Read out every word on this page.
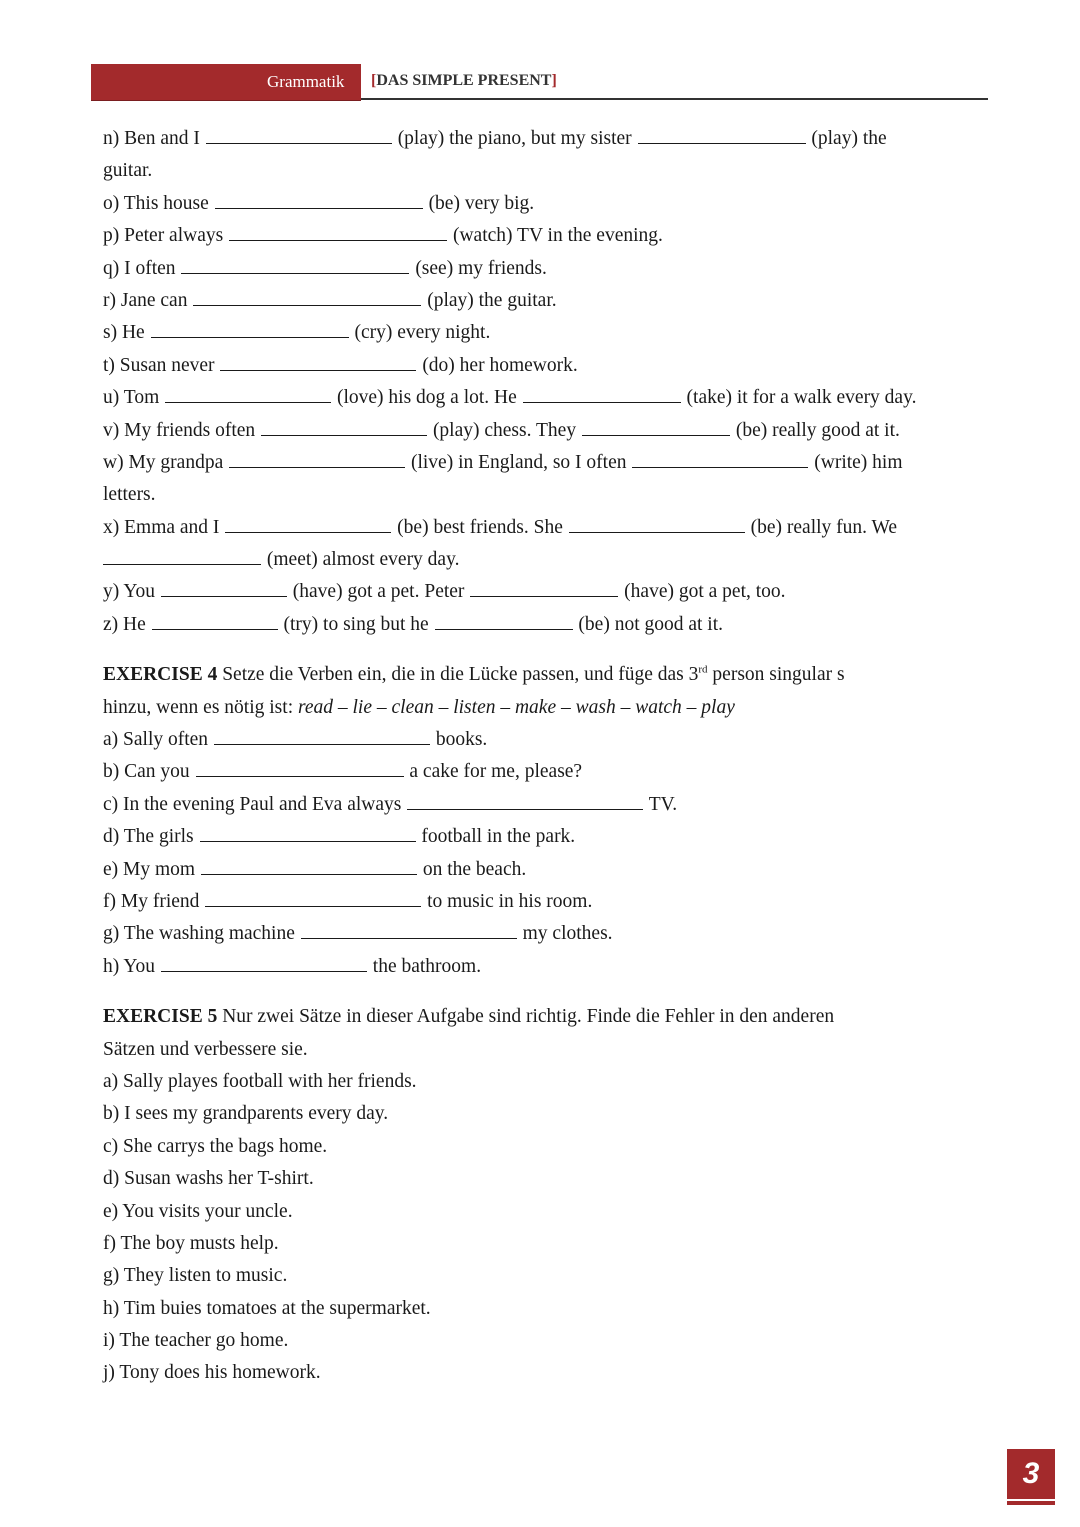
Grammatik [DAS SIMPLE PRESENT]
n) Ben and I	(play) the piano, but my sister	(play) the
guitar.
o) This house	(be) very big.
p) Peter always	(watch) TV in the evening.
q) I often	(see) my friends.
r) Jane can	(play) the guitar.
s) He	(cry) every night.
t) Susan never	(do) her homework.
u) Tom	(love) his dog a lot. He	(take) it for a walk every day.
v) My friends often	(play) chess. They	(be) really good at it.
w) My grandpa	(live) in England, so I often	(write) him
letters.
x) Emma and I	(be) best friends. She	(be) really fun. We
(meet) almost every day.
y) You	(have) got a pet. Peter	(have) got a pet, too.
z) He	(try) to sing but he	(be) not good at it.
EXERCISE 4 Setze die Verben ein, die in die Lücke passen, und füge das 3rd person singular s
hinzu, wenn es nötig ist: read – lie – clean – listen – make – wash – watch – play
a) Sally often	books.
b) Can you	a cake for me, please?
c) In the evening Paul and Eva always	TV.
d) The girls	football in the park.
e) My mom	on the beach.
f) My friend	to music in his room.
g) The washing machine	my clothes.
h) You	the bathroom.
EXERCISE 5 Nur zwei Sätze in dieser Aufgabe sind richtig. Finde die Fehler in den anderen
Sätzen und verbessere sie.
a) Sally playes football with her friends.
b) I sees my grandparents every day.
c) She carrys the bags home.
d) Susan washs her T-shirt.
e) You visits your uncle.
f) The boy musts help.
g) They listen to music.
h) Tim buies tomatoes at the supermarket.
i) The teacher go home.
j) Tony does his homework.
3
